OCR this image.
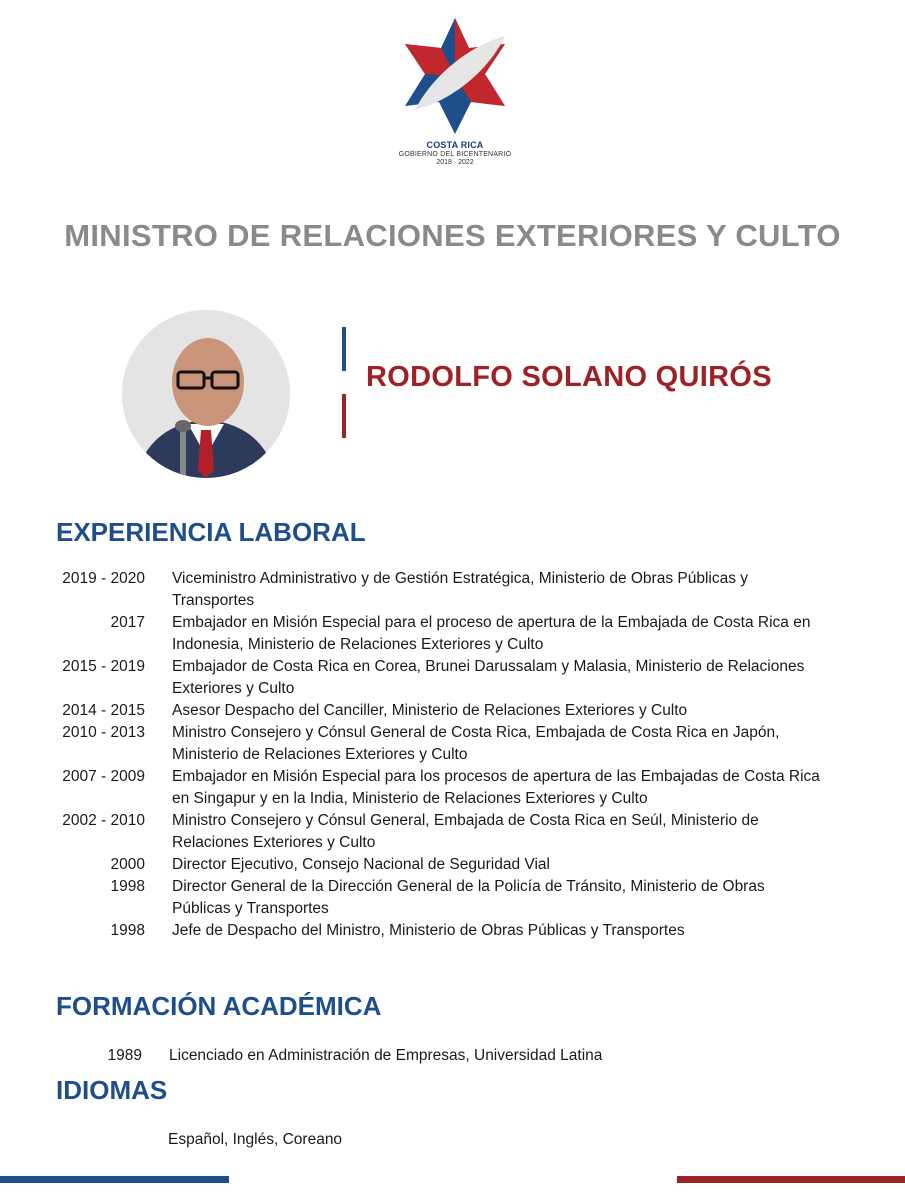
COSTA RICA
GOBIERNO DEL BICENTENARIO
2018 · 2022
MINISTRO DE RELACIONES EXTERIORES Y CULTO
RODOLFO SOLANO QUIRÓS
EXPERIENCIA LABORAL
2019 - 2020 Viceministro Administrativo y de Gestión Estratégica, Ministerio de Obras Públicas y Transportes
2017 Embajador en Misión Especial para el proceso de apertura de la Embajada de Costa Rica en Indonesia, Ministerio de Relaciones Exteriores y Culto
2015 - 2019 Embajador de Costa Rica en Corea, Brunei Darussalam y Malasia, Ministerio de Relaciones Exteriores y Culto
2014 - 2015 Asesor Despacho del Canciller, Ministerio de Relaciones Exteriores y Culto
2010 - 2013 Ministro Consejero y Cónsul General de Costa Rica, Embajada de Costa Rica en Japón, Ministerio de Relaciones Exteriores y Culto
2007 - 2009 Embajador en Misión Especial para los procesos de apertura de las Embajadas de Costa Rica en Singapur y en la India, Ministerio de Relaciones Exteriores y Culto
2002 - 2010 Ministro Consejero y Cónsul General, Embajada de Costa Rica en Seúl, Ministerio de Relaciones Exteriores y Culto
2000 Director Ejecutivo, Consejo Nacional de Seguridad Vial
1998 Director General de la Dirección General de la Policía de Tránsito, Ministerio de Obras Públicas y Transportes
1998 Jefe de Despacho del Ministro, Ministerio de Obras Públicas y Transportes
FORMACIÓN ACADÉMICA
1989 Licenciado en Administración de Empresas, Universidad Latina
IDIOMAS
Español, Inglés, Coreano
